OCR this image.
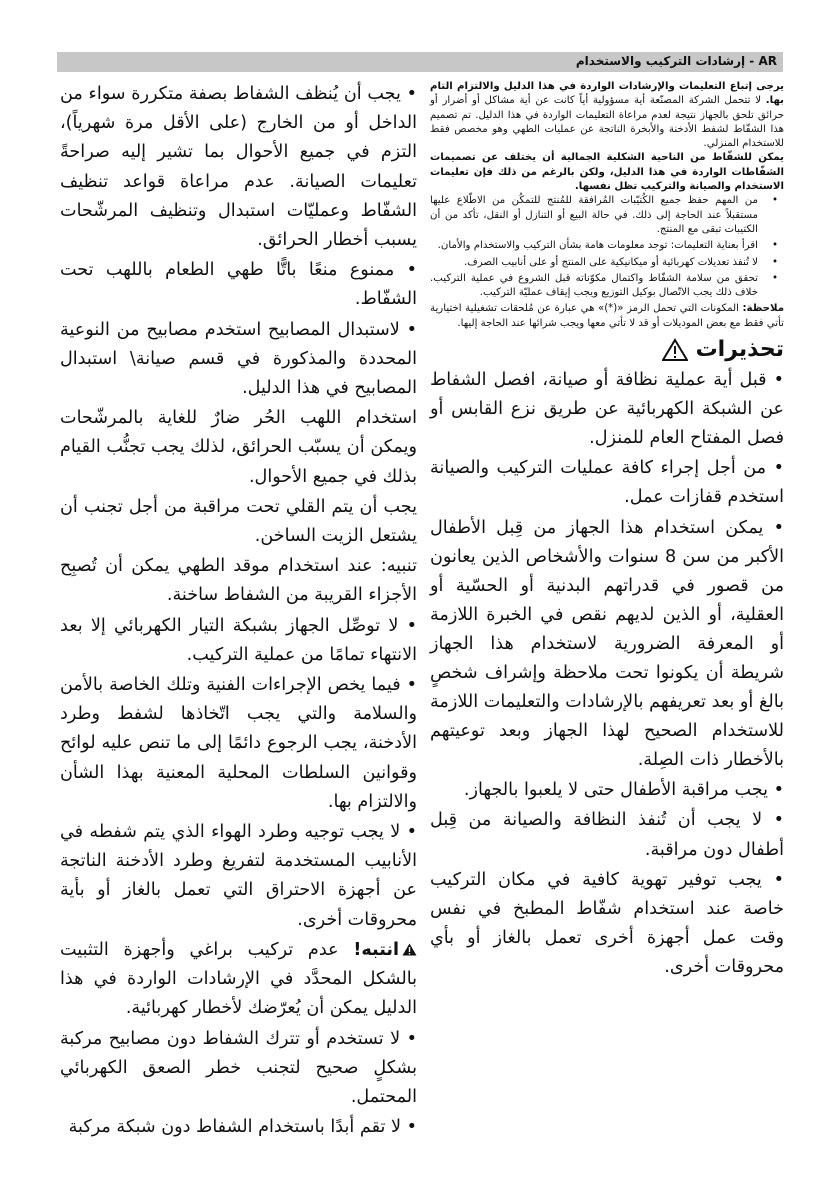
AR - إرشادات التركيب والاستخدام

يرجى إتباع التعليمات والإرشادات الواردة في هذا الدليل والالتزام التام بها. لا تتحمل الشركة المصنّعة أية مسؤولية أياً كانت عن أية مشاكل أو أضرار أو حرائق تلحق بالجهاز نتيجة لعدم مراعاة التعليمات الواردة في هذا الدليل. تم تصميم هذا الشفّاط لشفط الأدخنة والأبخرة الناتجة عن عمليات الطهي وهو مخصص فقط للاستخدام المنزلي.

يمكن للشفّاط من الناحية الشكلية الجمالية أن يختلف عن تصميمات الشفّاطات الواردة في هذا الدليل، ولكن بالرغم من ذلك فإن تعليمات الاستخدام والصيانة والتركيب تظل نفسها.

• من المهم حفظ جميع الكُتيّبات المُرافقة للمُنتج للتمكُن من الاطّلاع عليها مستقبلاً عند الحاجة إلى ذلك. في حالة البيع أو التنازل أو النقل، تأكد من أن الكتيبات تبقى مع المنتج.

• اقرأ بعناية التعليمات: توجد معلومات هامة بشأن التركيب والاستخدام والأمان.

• لا تُنفذ تعديلات كهربائية أو ميكانيكية على المنتج أو على أنابيب الصرف.

• تحقق من سلامة الشفّاط واكتمال مكوّناته قبل الشروع في عملية التركيب. خلاف ذلك يجب الاتّصال بوكيل التوزيع ويجب إيقاف عمليّة التركيب.

ملاحظة: المكونات التي تحمل الرمز «(*)» هي عبارة عن مُلحقات تشغيلية اختيارية تأتي فقط مع بعض الموديلات أو قد لا تأتي معها ويجب شرائها عند الحاجة إليها.

تحذيرات

• قبل أية عملية نظافة أو صيانة، افصل الشفاط عن الشبكة الكهربائية عن طريق نزع القابس أو فصل المفتاح العام للمنزل.

• من أجل إجراء كافة عمليات التركيب والصيانة استخدم قفازات عمل.

• يمكن استخدام هذا الجهاز من قِبل الأطفال الأكبر من سن 8 سنوات والأشخاص الذين يعانون من قصور في قدراتهم البدنية أو الحسّية أو العقلية، أو الذين لديهم نقص في الخبرة اللازمة أو المعرفة الضرورية لاستخدام هذا الجهاز شريطة أن يكونوا تحت ملاحظة وإشراف شخصٍ بالغ أو بعد تعريفهم بالإرشادات والتعليمات اللازمة للاستخدام الصحيح لهذا الجهاز وبعد توعيتهم بالأخطار ذات الصِلة.

• يجب مراقبة الأطفال حتى لا يلعبوا بالجهاز.

• لا يجب أن تُنفذ النظافة والصيانة من قِبل أطفال دون مراقبة.

• يجب توفير تهوية كافية في مكان التركيب خاصة عند استخدام شفّاط المطبخ في نفس وقت عمل أجهزة أخرى تعمل بالغاز أو بأي محروقات أخرى.

• يجب أن يُنظف الشفاط بصفة متكررة سواء من الداخل أو من الخارج (على الأقل مرة شهرياً)، التزم في جميع الأحوال بما تشير إليه صراحةً تعليمات الصيانة. عدم مراعاة قواعد تنظيف الشفّاط وعمليّات استبدال وتنظيف المرشّحات يسبب أخطار الحرائق.

• ممنوع منعًا باتًّا طهي الطعام باللهب تحت الشفّاط.

• لاستبدال المصابيح استخدم مصابيح من النوعية المحددة والمذكورة في قسم صيانة\ استبدال المصابيح في هذا الدليل.

استخدام اللهب الحُر ضارٌ للغاية بالمرشّحات ويمكن أن يسبّب الحرائق، لذلك يجب تجنُّب القيام بذلك في جميع الأحوال.

يجب أن يتم القلي تحت مراقبة من أجل تجنب أن يشتعل الزيت الساخن.

تنبيه: عند استخدام موقد الطهي يمكن أن تُصبِح الأجزاء القريبة من الشفاط ساخنة.

• لا توصِّل الجهاز بشبكة التيار الكهربائي إلا بعد الانتهاء تمامًا من عملية التركيب.

• فيما يخص الإجراءات الفنية وتلك الخاصة بالأمن والسلامة والتي يجب اتّخاذها لشفط وطرد الأدخنة، يجب الرجوع دائمًا إلى ما تنص عليه لوائح وقوانين السلطات المحلية المعنية بهذا الشأن والالتزام بها.

• لا يجب توجيه وطرد الهواء الذي يتم شفطه في الأنابيب المستخدمة لتفريغ وطرد الأدخنة الناتجة عن أجهزة الاحتراق التي تعمل بالغاز أو بأية محروقات أخرى.

انتبه! عدم تركيب براغي وأجهزة التثبيت بالشكل المحدَّد في الإرشادات الواردة في هذا الدليل يمكن أن يُعرّضك لأخطار كهربائية.

• لا تستخدم أو تترك الشفاط دون مصابيح مركبة بشكلٍ صحيح لتجنب خطر الصعق الكهربائي المحتمل.

• لا تقم أبدًا باستخدام الشفاط دون شبكة مركبة
